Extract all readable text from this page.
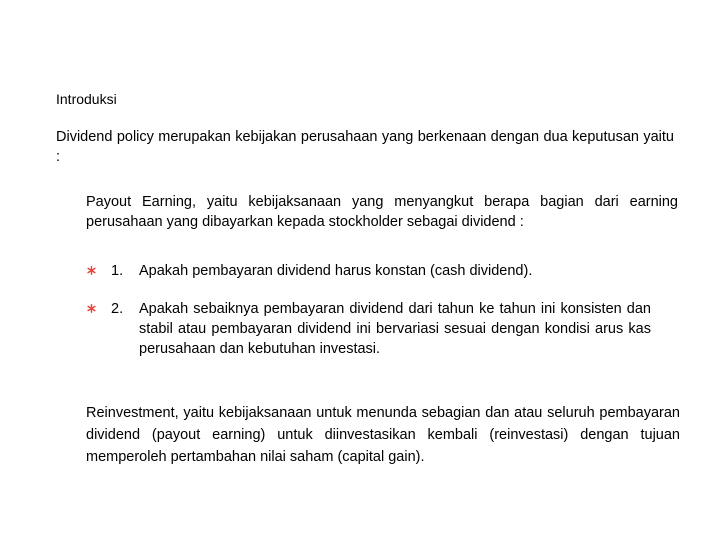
Introduksi
Dividend policy merupakan kebijakan perusahaan yang berkenaan dengan dua keputusan yaitu :
Payout Earning, yaitu kebijaksanaan yang menyangkut berapa bagian dari earning perusahaan yang dibayarkan kepada stockholder sebagai dividend :
1. Apakah pembayaran dividend harus konstan (cash dividend).
2. Apakah sebaiknya pembayaran dividend dari tahun ke tahun ini konsisten dan stabil atau pembayaran dividend ini bervariasi sesuai dengan kondisi arus kas perusahaan dan kebutuhan investasi.
Reinvestment, yaitu kebijaksanaan untuk menunda sebagian dan atau seluruh pembayaran dividend (payout earning) untuk diinvestasikan kembali (reinvestasi) dengan tujuan memperoleh pertambahan nilai saham (capital gain).
